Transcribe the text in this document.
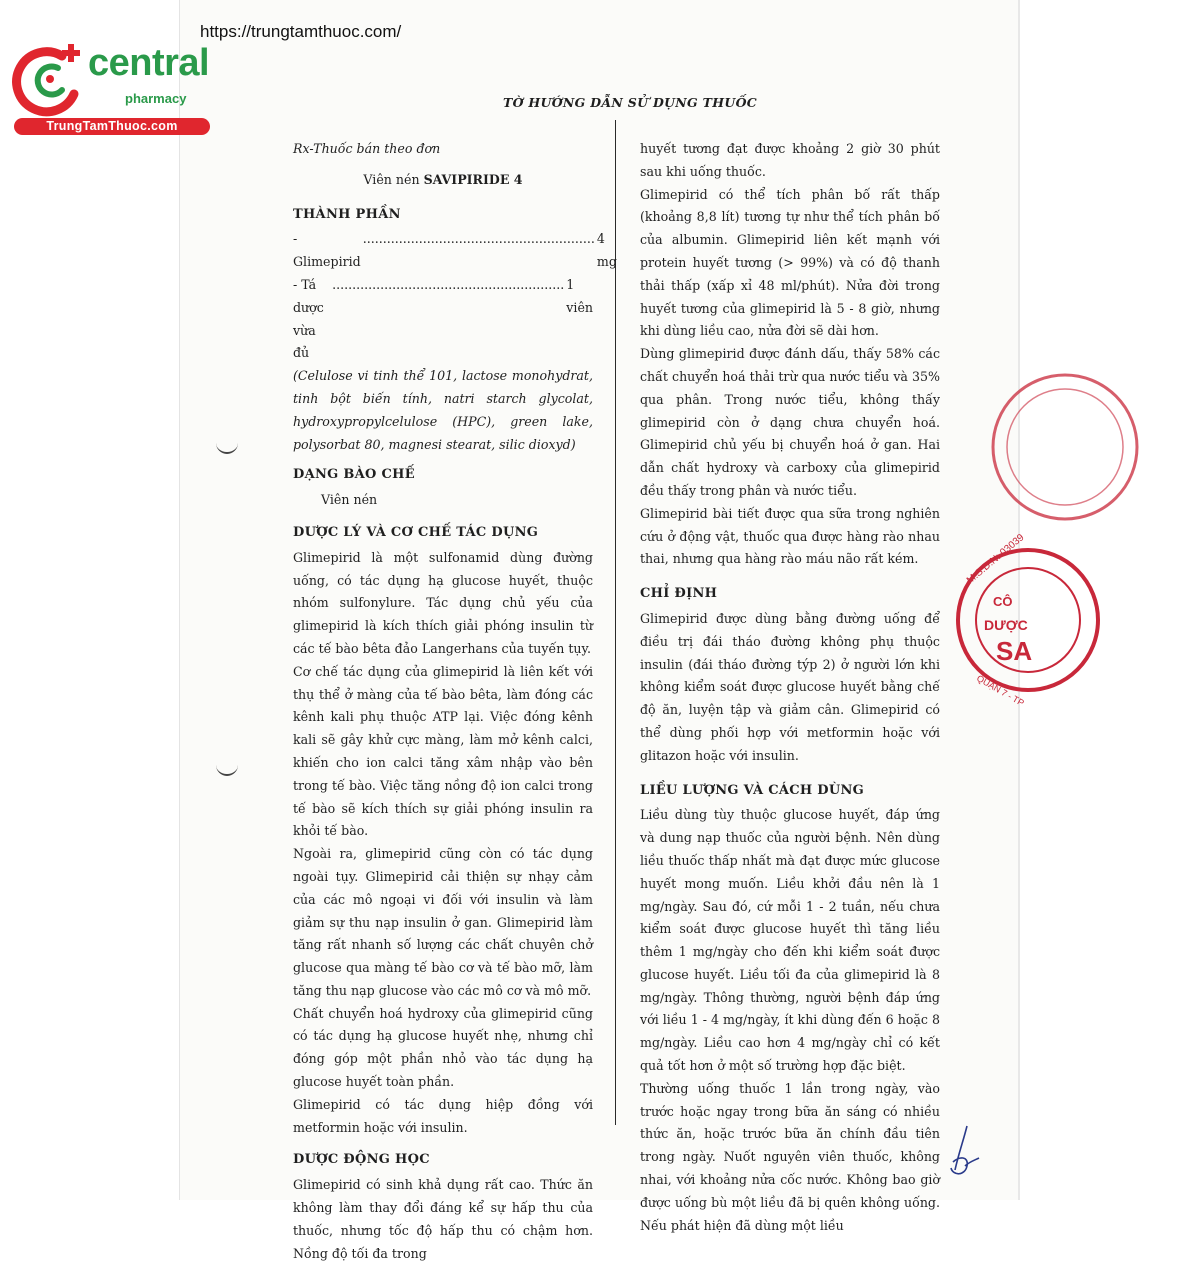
central
pharmacy
TrungTamThuoc.com
https://trungtamthuoc.com/
TỜ HƯỚNG DẪN SỬ DỤNG THUỐC

Rx-Thuốc bán theo đơn

Viên nén SAVIPIRIDE 4

THÀNH PHẦN
- Glimepirid
.......................................................... 4 mg
- Tá dược vừa đủ
.......................................................... 1 viên

(Celulose vi tinh thể 101, lactose monohydrat, tinh bột biến tính, natri starch glycolat, hydroxypropylcelulose (HPC), green lake, polysorbat 80, magnesi stearat, silic dioxyd)

DẠNG BÀO CHẾ

Viên nén

DƯỢC LÝ VÀ CƠ CHẾ TÁC DỤNG

Glimepirid là một sulfonamid dùng đường uống, có tác dụng hạ glucose huyết, thuộc nhóm sulfonylure. Tác dụng chủ yếu của glimepirid là kích thích giải phóng insulin từ các tế bào bêta đảo Langerhans của tuyến tụy.

Cơ chế tác dụng của glimepirid là liên kết với thụ thể ở màng của tế bào bêta, làm đóng các kênh kali phụ thuộc ATP lại. Việc đóng kênh kali sẽ gây khử cực màng, làm mở kênh calci, khiến cho ion calci tăng xâm nhập vào bên trong tế bào. Việc tăng nồng độ ion calci trong tế bào sẽ kích thích sự giải phóng insulin ra khỏi tế bào.

Ngoài ra, glimepirid cũng còn có tác dụng ngoài tụy. Glimepirid cải thiện sự nhạy cảm của các mô ngoại vi đối với insulin và làm giảm sự thu nạp insulin ở gan. Glimepirid làm tăng rất nhanh số lượng các chất chuyên chở glucose qua màng tế bào cơ và tế bào mỡ, làm tăng thu nạp glucose vào các mô cơ và mô mỡ.

Chất chuyển hoá hydroxy của glimepirid cũng có tác dụng hạ glucose huyết nhẹ, nhưng chỉ đóng góp một phần nhỏ vào tác dụng hạ glucose huyết toàn phần.

Glimepirid có tác dụng hiệp đồng với metformin hoặc với insulin.

DƯỢC ĐỘNG HỌC

Glimepirid có sinh khả dụng rất cao. Thức ăn không làm thay đổi đáng kể sự hấp thu của thuốc, nhưng tốc độ hấp thu có chậm hơn. Nồng độ tối đa trong

huyết tương đạt được khoảng 2 giờ 30 phút sau khi uống thuốc.

Glimepirid có thể tích phân bố rất thấp (khoảng 8,8 lít) tương tự như thể tích phân bố của albumin. Glimepirid liên kết mạnh với protein huyết tương (> 99%) và có độ thanh thải thấp (xấp xỉ 48 ml/phút). Nửa đời trong huyết tương của glimepirid là 5 - 8 giờ, nhưng khi dùng liều cao, nửa đời sẽ dài hơn.

Dùng glimepirid được đánh dấu, thấy 58% các chất chuyển hoá thải trừ qua nước tiểu và 35% qua phân. Trong nước tiểu, không thấy glimepirid còn ở dạng chưa chuyển hoá. Glimepirid chủ yếu bị chuyển hoá ở gan. Hai dẫn chất hydroxy và carboxy của glimepirid đều thấy trong phân và nước tiểu.

Glimepirid bài tiết được qua sữa trong nghiên cứu ở động vật, thuốc qua được hàng rào nhau thai, nhưng qua hàng rào máu não rất kém.

CHỈ ĐỊNH

Glimepirid được dùng bằng đường uống để điều trị đái tháo đường không phụ thuộc insulin (đái tháo đường týp 2) ở người lớn khi không kiểm soát được glucose huyết bằng chế độ ăn, luyện tập và giảm cân. Glimepirid có thể dùng phối hợp với metformin hoặc với glitazon hoặc với insulin.

LIỀU LƯỢNG VÀ CÁCH DÙNG

Liều dùng tùy thuộc glucose huyết, đáp ứng và dung nạp thuốc của người bệnh. Nên dùng liều thuốc thấp nhất mà đạt được mức glucose huyết mong muốn. Liều khởi đầu nên là 1 mg/ngày. Sau đó, cứ mỗi 1 - 2 tuần, nếu chưa kiểm soát được glucose huyết thì tăng liều thêm 1 mg/ngày cho đến khi kiểm soát được glucose huyết. Liều tối đa của glimepirid là 8 mg/ngày. Thông thường, người bệnh đáp ứng với liều 1 - 4 mg/ngày, ít khi dùng đến 6 hoặc 8 mg/ngày. Liều cao hơn 4 mg/ngày chỉ có kết quả tốt hơn ở một số trường hợp đặc biệt.

Thường uống thuốc 1 lần trong ngày, vào trước hoặc ngay trong bữa ăn sáng có nhiều thức ăn, hoặc trước bữa ăn chính đầu tiên trong ngày. Nuốt nguyên viên thuốc, không nhai, với khoảng nửa cốc nước. Không bao giờ được uống bù một liều đã bị quên không uống. Nếu phát hiện đã dùng một liều

M.S.D.N: 03039
CÔ
DƯỢC
SA
QUẬN 7 - TP
